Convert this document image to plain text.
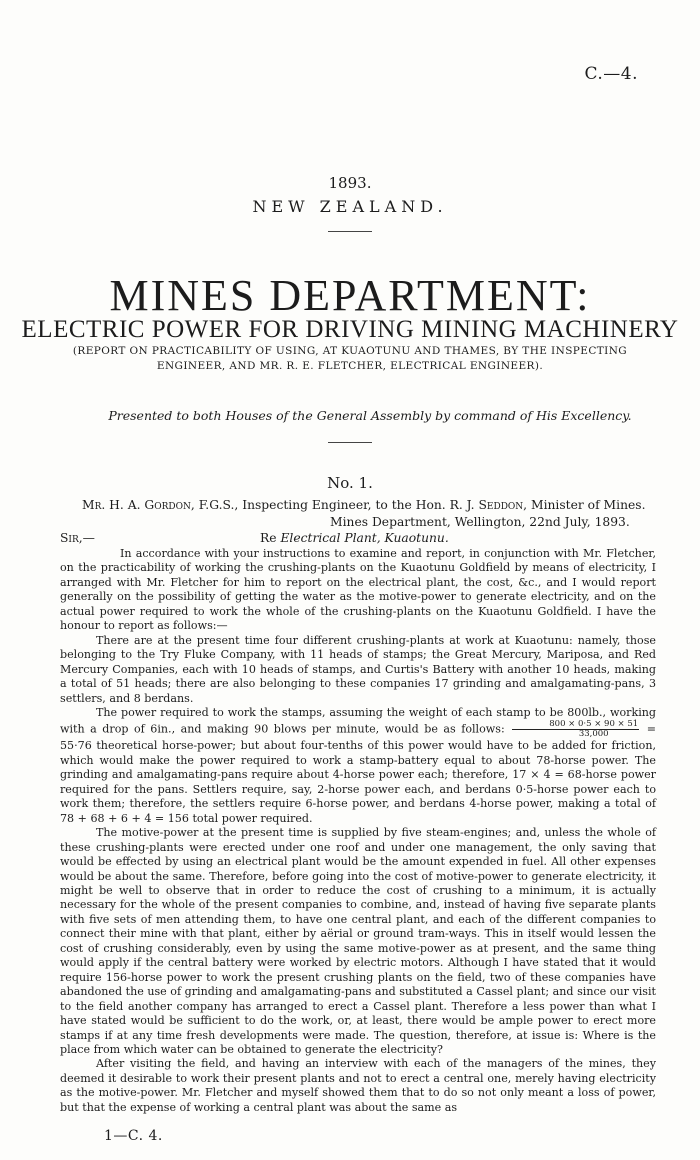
C.—4.
1893.
NEW ZEALAND.
MINES DEPARTMENT:
ELECTRIC POWER FOR DRIVING MINING MACHINERY
(REPORT ON PRACTICABILITY OF USING, AT KUAOTUNU AND THAMES, BY THE INSPECTING
ENGINEER, AND MR. R. E. FLETCHER, ELECTRICAL ENGINEER).
Presented to both Houses of the General Assembly by command of His Excellency.
No. 1.
Mr. H. A. Gordon, F.G.S., Inspecting Engineer, to the Hon. R. J. Seddon, Minister of Mines.
Mines Department, Wellington, 22nd July, 1893.
Sir,—	Re Electrical Plant, Kuaotunu.

In accordance with your instructions to examine and report, in conjunction with Mr. Fletcher, on the practicability of working the crushing-plants on the Kuaotunu Goldfield by means of electricity, I arranged with Mr. Fletcher for him to report on the electrical plant, the cost, &c., and I would report generally on the possibility of getting the water as the motive-power to generate electricity, and on the actual power required to work the whole of the crushing-plants on the Kuaotunu Goldfield. I have the honour to report as follows:—

There are at the present time four different crushing-plants at work at Kuaotunu: namely, those belonging to the Try Fluke Company, with 11 heads of stamps; the Great Mercury, Mariposa, and Red Mercury Companies, each with 10 heads of stamps, and Curtis's Battery with another 10 heads, making a total of 51 heads; there are also belonging to these companies 17 grinding and amalgamating-pans, 3 settlers, and 8 berdans.

The power required to work the stamps, assuming the weight of each stamp to be 800lb., working with a drop of 6in., and making 90 blows per minute, would be as follows: $\frac{800 \times 0\cdot 5 \times 90 \times 51}{33,000} = 55\cdot 76$ theoretical horse-power; but about four-tenths of this power would have to be added for friction, which would make the power required to work a stamp-battery equal to about 78-horse power. The grinding and amalgamating-pans require about 4-horse power each; therefore, 17 × 4 = 68-horse power required for the pans. Settlers require, say, 2-horse power each, and berdans 0·5-horse power each to work them; therefore, the settlers require 6-horse power, and berdans 4-horse power, making a total of 78 + 68 + 6 + 4 = 156 total power required.

The motive-power at the present time is supplied by five steam-engines; and, unless the whole of these crushing-plants were erected under one roof and under one management, the only saving that would be effected by using an electrical plant would be the amount expended in fuel. All other expenses would be about the same. Therefore, before going into the cost of motive-power to generate electricity, it might be well to observe that in order to reduce the cost of crushing to a minimum, it is actually necessary for the whole of the present companies to combine, and, instead of having five separate plants with five sets of men attending them, to have one central plant, and each of the different companies to connect their mine with that plant, either by aërial or ground tram-ways. This in itself would lessen the cost of crushing considerably, even by using the same motive-power as at present, and the same thing would apply if the central battery were worked by electric motors. Although I have stated that it would require 156-horse power to work the present crushing plants on the field, two of these companies have abandoned the use of grinding and amalgamating-pans and substituted a Cassel plant; and since our visit to the field another company has arranged to erect a Cassel plant. Therefore a less power than what I have stated would be sufficient to do the work, or, at least, there would be ample power to erect more stamps if at any time fresh developments were made. The question, therefore, at issue is: Where is the place from which water can be obtained to generate the electricity?

After visiting the field, and having an interview with each of the managers of the mines, they deemed it desirable to work their present plants and not to erect a central one, merely having electricity as the motive-power. Mr. Fletcher and myself showed them that to do so not only meant a loss of power, but that the expense of working a central plant was about the same as

1—C. 4.
